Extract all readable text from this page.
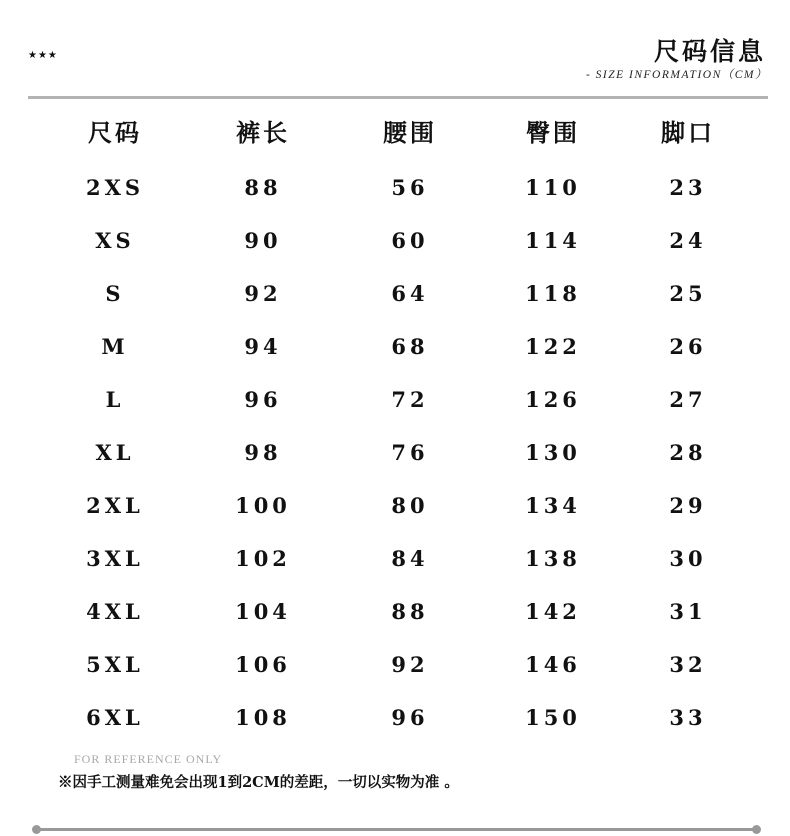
★★★	尺码信息
- SIZE INFORMATION（CM）
尺码	裤长	腰围	臀围	脚口
2XS	88	56	110	23
XS	90	60	114	24
S	92	64	118	25
M	94	68	122	26
L	96	72	126	27
XL	98	76	130	28
2XL	100	80	134	29
3XL	102	84	138	30
4XL	104	88	142	31
5XL	106	92	146	32
6XL	108	96	150	33
FOR REFERENCE ONLY
※因手工测量难免会出现1到2CM的差距，一切以实物为准 。
